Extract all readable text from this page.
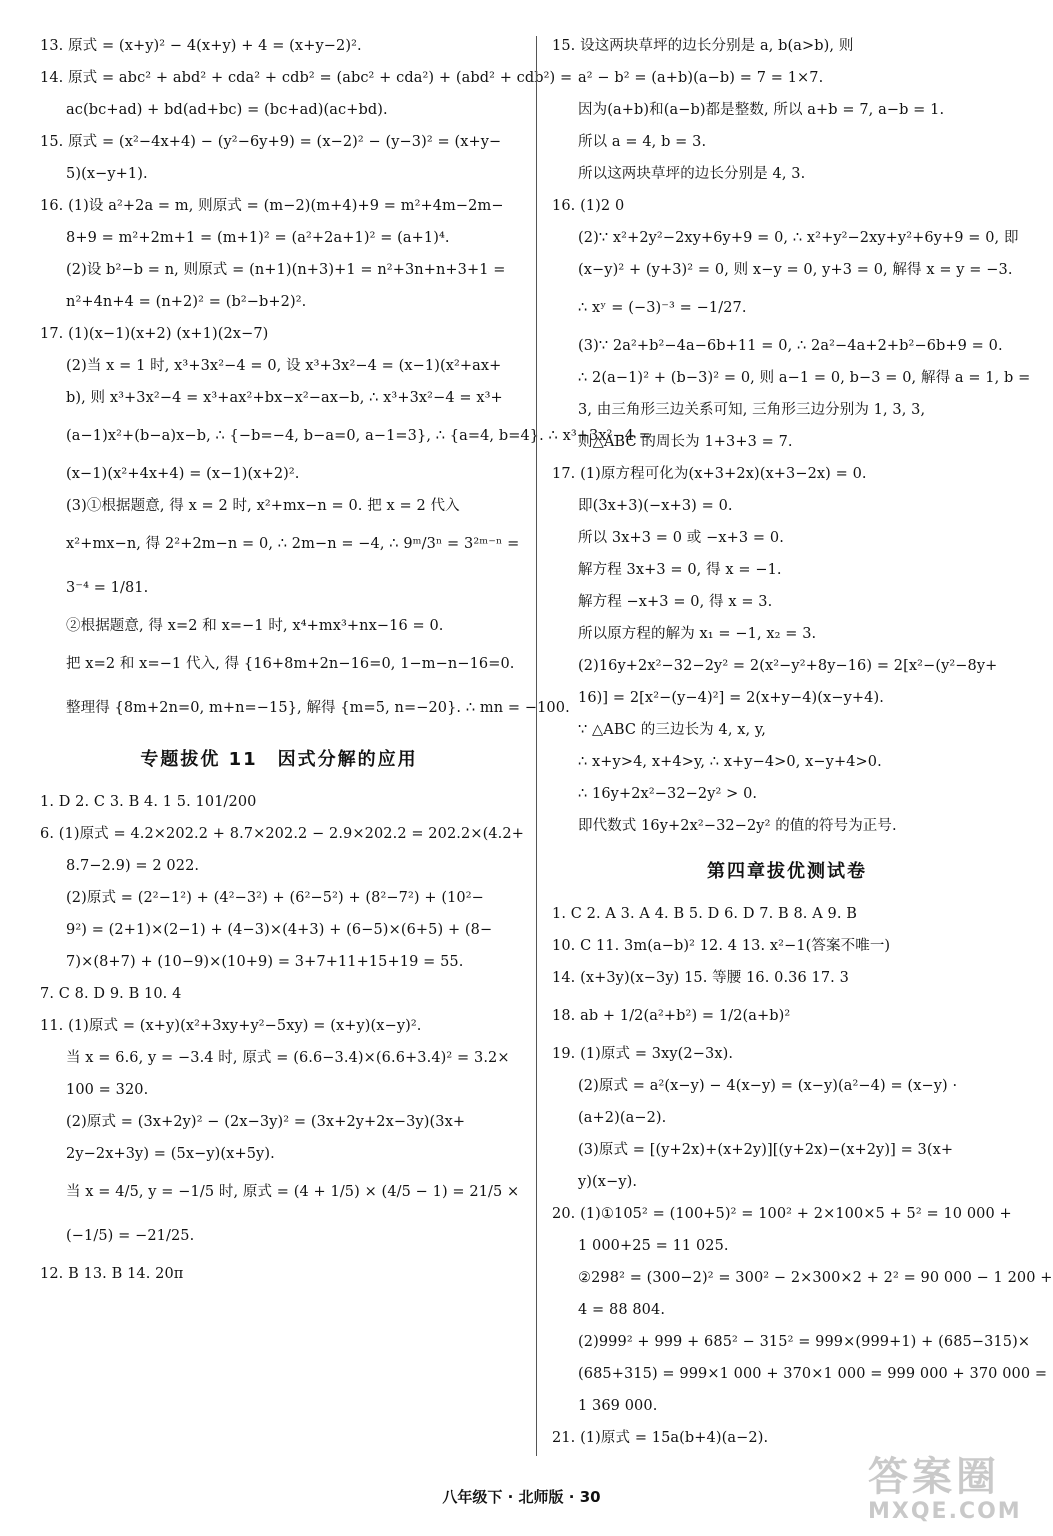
13. 原式 = (x+y)² − 4(x+y) + 4 = (x+y−2)².
14. 原式 = abc² + abd² + cda² + cdb² = (abc² + cda²) + (abd² + cdb²) =
ac(bc+ad) + bd(ad+bc) = (bc+ad)(ac+bd).
15. 原式 = (x²−4x+4) − (y²−6y+9) = (x−2)² − (y−3)² = (x+y−
5)(x−y+1).
16. (1)设 a²+2a = m, 则原式 = (m−2)(m+4)+9 = m²+4m−2m−
8+9 = m²+2m+1 = (m+1)² = (a²+2a+1)² = (a+1)⁴.
(2)设 b²−b = n, 则原式 = (n+1)(n+3)+1 = n²+3n+n+3+1 =
n²+4n+4 = (n+2)² = (b²−b+2)².
17. (1)(x−1)(x+2) (x+1)(2x−7)
(2)当 x = 1 时, x³+3x²−4 = 0, 设 x³+3x²−4 = (x−1)(x²+ax+
b), 则 x³+3x²−4 = x³+ax²+bx−x²−ax−b, ∴ x³+3x²−4 = x³+
(a−1)x²+(b−a)x−b, ∴ {−b=−4, b−a=0, a−1=3}, ∴ {a=4, b=4}. ∴ x³+3x²−4 =
(x−1)(x²+4x+4) = (x−1)(x+2)².
(3)①根据题意, 得 x = 2 时, x²+mx−n = 0. 把 x = 2 代入
x²+mx−n, 得 2²+2m−n = 0, ∴ 2m−n = −4, ∴ 9ᵐ/3ⁿ = 3²ᵐ⁻ⁿ =
3⁻⁴ = 1/81.
②根据题意, 得 x=2 和 x=−1 时, x⁴+mx³+nx−16 = 0.
把 x=2 和 x=−1 代入, 得 {16+8m+2n−16=0, 1−m−n−16=0.
整理得 {8m+2n=0, m+n=−15}, 解得 {m=5, n=−20}. ∴ mn = −100.
专题拔优 11　因式分解的应用
1. D 2. C 3. B 4. 1 5. 101/200
6. (1)原式 = 4.2×202.2 + 8.7×202.2 − 2.9×202.2 = 202.2×(4.2+
8.7−2.9) = 2 022.
(2)原式 = (2²−1²) + (4²−3²) + (6²−5²) + (8²−7²) + (10²−
9²) = (2+1)×(2−1) + (4−3)×(4+3) + (6−5)×(6+5) + (8−
7)×(8+7) + (10−9)×(10+9) = 3+7+11+15+19 = 55.
7. C 8. D 9. B 10. 4
11. (1)原式 = (x+y)(x²+3xy+y²−5xy) = (x+y)(x−y)².
当 x = 6.6, y = −3.4 时, 原式 = (6.6−3.4)×(6.6+3.4)² = 3.2×
100 = 320.
(2)原式 = (3x+2y)² − (2x−3y)² = (3x+2y+2x−3y)(3x+
2y−2x+3y) = (5x−y)(x+5y).
当 x = 4/5, y = −1/5 时, 原式 = (4 + 1/5) × (4/5 − 1) = 21/5 ×
(−1/5) = −21/25.
12. B 13. B 14. 20π
15. 设这两块草坪的边长分别是 a, b(a>b), 则
a² − b² = (a+b)(a−b) = 7 = 1×7.
因为(a+b)和(a−b)都是整数, 所以 a+b = 7, a−b = 1.
所以 a = 4, b = 3.
所以这两块草坪的边长分别是 4, 3.
16. (1)2 0
(2)∵ x²+2y²−2xy+6y+9 = 0, ∴ x²+y²−2xy+y²+6y+9 = 0, 即
(x−y)² + (y+3)² = 0, 则 x−y = 0, y+3 = 0, 解得 x = y = −3.
∴ xʸ = (−3)⁻³ = −1/27.
(3)∵ 2a²+b²−4a−6b+11 = 0, ∴ 2a²−4a+2+b²−6b+9 = 0.
∴ 2(a−1)² + (b−3)² = 0, 则 a−1 = 0, b−3 = 0, 解得 a = 1, b =
3, 由三角形三边关系可知, 三角形三边分别为 1, 3, 3,
则△ABC 的周长为 1+3+3 = 7.
17. (1)原方程可化为(x+3+2x)(x+3−2x) = 0.
即(3x+3)(−x+3) = 0.
所以 3x+3 = 0 或 −x+3 = 0.
解方程 3x+3 = 0, 得 x = −1.
解方程 −x+3 = 0, 得 x = 3.
所以原方程的解为 x₁ = −1, x₂ = 3.
(2)16y+2x²−32−2y² = 2(x²−y²+8y−16) = 2[x²−(y²−8y+
16)] = 2[x²−(y−4)²] = 2(x+y−4)(x−y+4).
∵ △ABC 的三边长为 4, x, y,
∴ x+y>4, x+4>y, ∴ x+y−4>0, x−y+4>0.
∴ 16y+2x²−32−2y² > 0.
即代数式 16y+2x²−32−2y² 的值的符号为正号.
第四章拔优测试卷
1. C 2. A 3. A 4. B 5. D 6. D 7. B 8. A 9. B
10. C 11. 3m(a−b)² 12. 4 13. x²−1(答案不唯一)
14. (x+3y)(x−3y) 15. 等腰 16. 0.36 17. 3
18. ab + 1/2(a²+b²) = 1/2(a+b)²
19. (1)原式 = 3xy(2−3x).
(2)原式 = a²(x−y) − 4(x−y) = (x−y)(a²−4) = (x−y) ·
(a+2)(a−2).
(3)原式 = [(y+2x)+(x+2y)][(y+2x)−(x+2y)] = 3(x+
y)(x−y).
20. (1)①105² = (100+5)² = 100² + 2×100×5 + 5² = 10 000 +
1 000+25 = 11 025.
②298² = (300−2)² = 300² − 2×300×2 + 2² = 90 000 − 1 200 +
4 = 88 804.
(2)999² + 999 + 685² − 315² = 999×(999+1) + (685−315)×
(685+315) = 999×1 000 + 370×1 000 = 999 000 + 370 000 =
1 369 000.
21. (1)原式 = 15a(b+4)(a−2).
八年级下 · 北师版 · 30	答案圈
MXQE.COM
